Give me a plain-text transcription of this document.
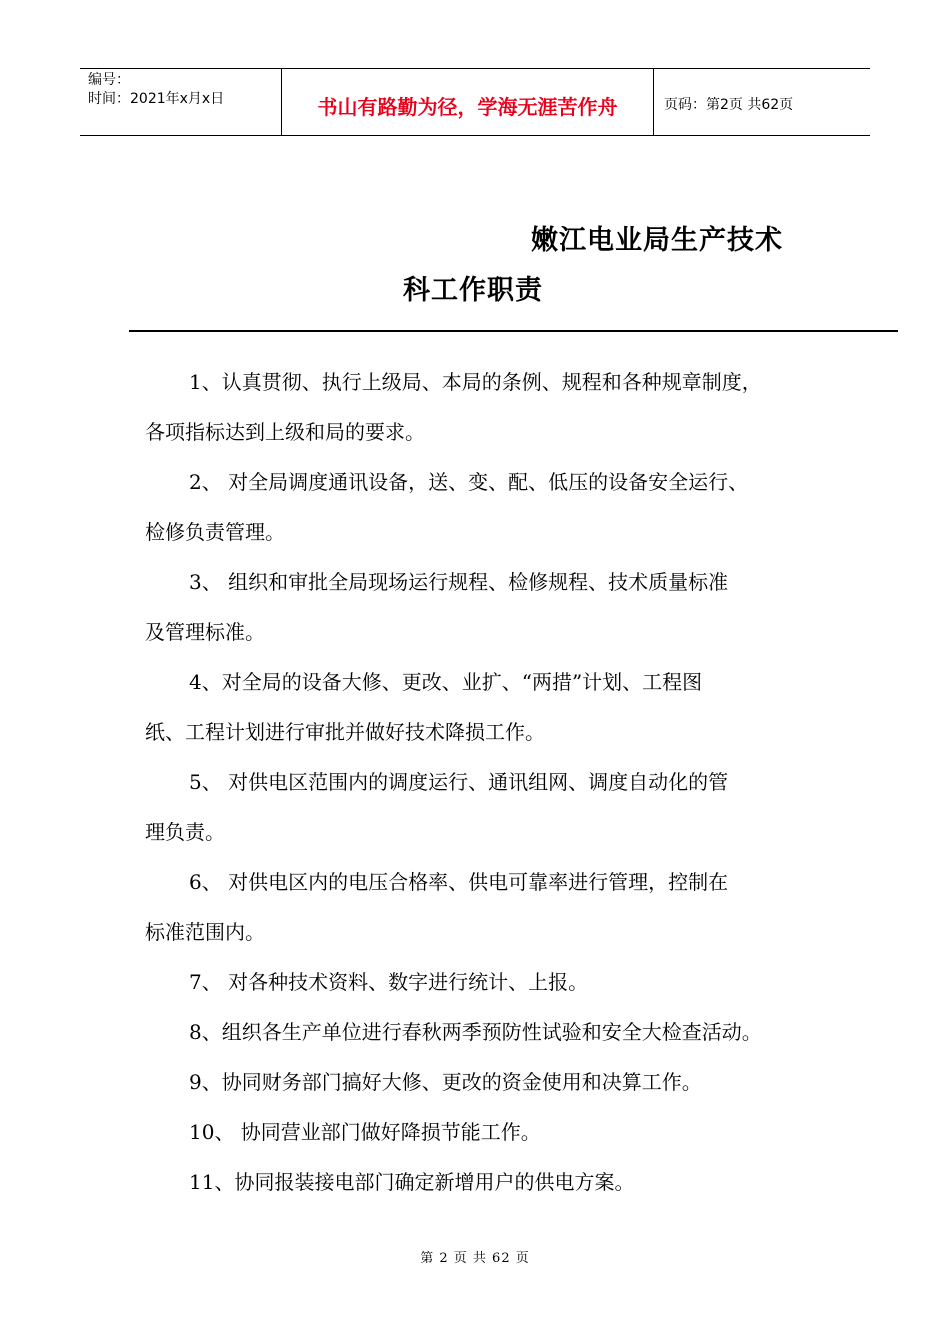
编号：
时间：2021年x月x日	书山有路勤为径，学海无涯苦作舟	页码：第2页 共62页
嫩江电业局生产技术
科工作职责
1、认真贯彻、执行上级局、本局的条例、规程和各种规章制度，
各项指标达到上级和局的要求。
2、 对全局调度通讯设备，送、变、配、低压的设备安全运行、
检修负责管理。
3、 组织和审批全局现场运行规程、检修规程、技术质量标准
及管理标准。
4、对全局的设备大修、更改、业扩、“两措”计划、工程图
纸、工程计划进行审批并做好技术降损工作。
5、 对供电区范围内的调度运行、通讯组网、调度自动化的管
理负责。
6、 对供电区内的电压合格率、供电可靠率进行管理，控制在
标准范围内。
7、 对各种技术资料、数字进行统计、上报。
8、组织各生产单位进行春秋两季预防性试验和安全大检查活动。
9、协同财务部门搞好大修、更改的资金使用和决算工作。
10、 协同营业部门做好降损节能工作。
11、协同报装接电部门确定新增用户的供电方案。
第 2 页 共 62 页
